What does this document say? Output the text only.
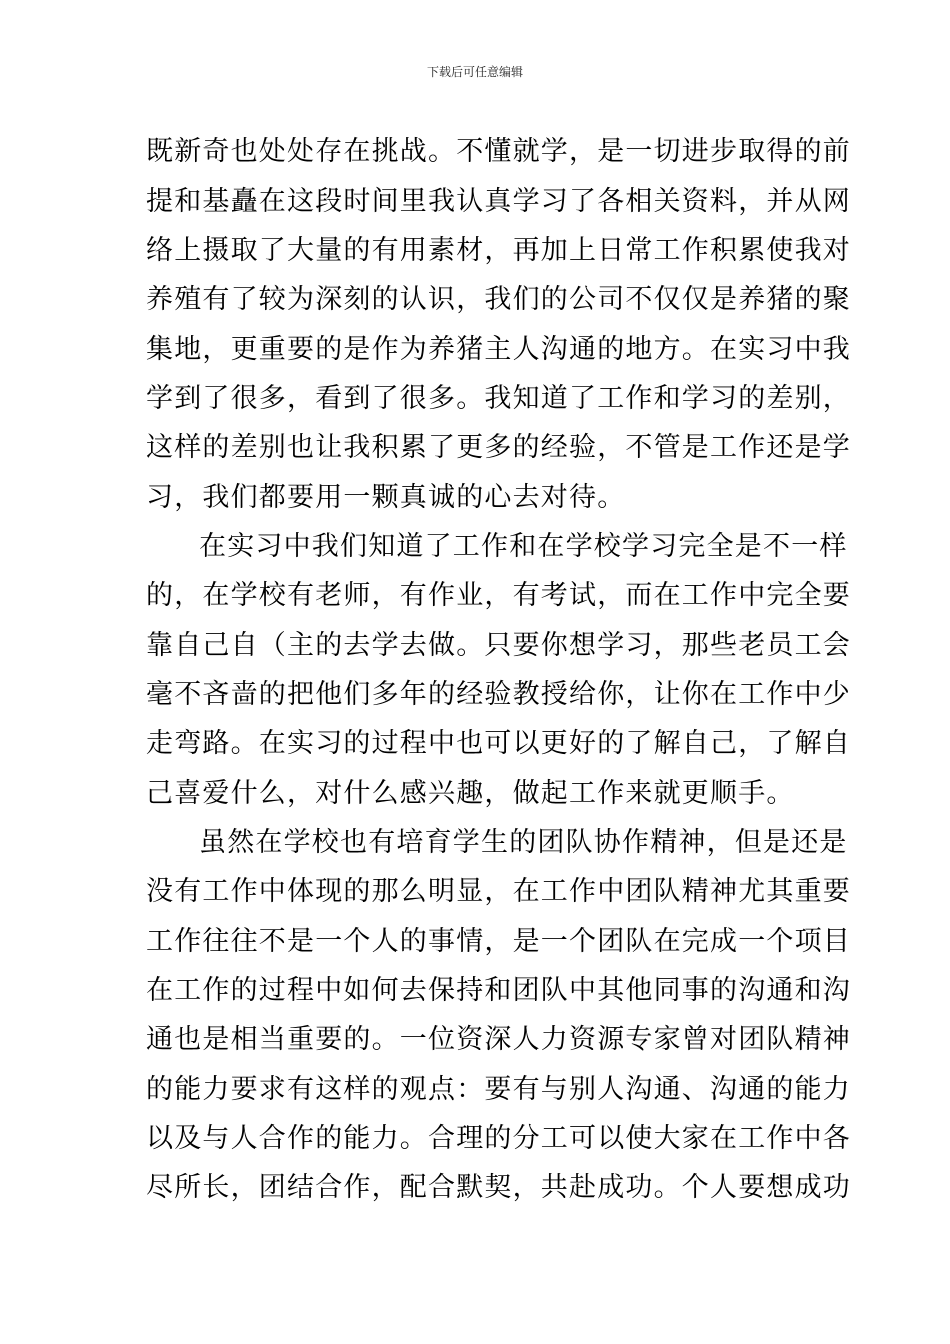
下载后可任意编辑
既新奇也处处存在挑战。不懂就学，是一切进步取得的前
提和基矗在这段时间里我认真学习了各相关资料，并从网
络上摄取了大量的有用素材，再加上日常工作积累使我对
养殖有了较为深刻的认识，我们的公司不仅仅是养猪的聚
集地，更重要的是作为养猪主人沟通的地方。在实习中我
学到了很多，看到了很多。我知道了工作和学习的差别，
这样的差别也让我积累了更多的经验，不管是工作还是学
习，我们都要用一颗真诚的心去对待。
在实习中我们知道了工作和在学校学习完全是不一样
的，在学校有老师，有作业，有考试，而在工作中完全要
靠自己自（主的去学去做。只要你想学习，那些老员工会
毫不吝啬的把他们多年的经验教授给你，让你在工作中少
走弯路。在实习的过程中也可以更好的了解自己，了解自
己喜爱什么，对什么感兴趣，做起工作来就更顺手。
虽然在学校也有培育学生的团队协作精神，但是还是
没有工作中体现的那么明显，在工作中团队精神尤其重要
工作往往不是一个人的事情，是一个团队在完成一个项目
在工作的过程中如何去保持和团队中其他同事的沟通和沟
通也是相当重要的。一位资深人力资源专家曾对团队精神
的能力要求有这样的观点：要有与别人沟通、沟通的能力
以及与人合作的能力。合理的分工可以使大家在工作中各
尽所长，团结合作，配合默契，共赴成功。个人要想成功
